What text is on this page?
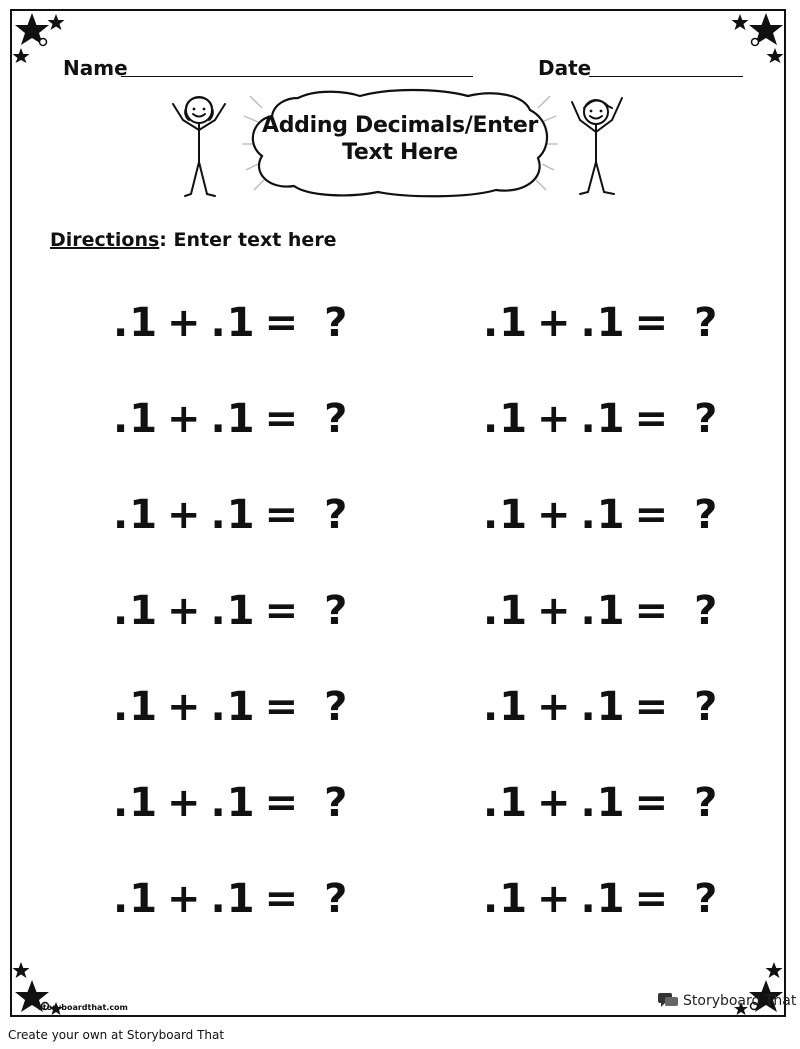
Name	Date
Adding Decimals/Enter
Text Here
Directions: Enter text here
.1 + .1 = ?
.1 + .1 = ?
.1 + .1 = ?
.1 + .1 = ?
.1 + .1 = ?
.1 + .1 = ?
.1 + .1 = ?
.1 + .1 = ?
.1 + .1 = ?
.1 + .1 = ?
.1 + .1 = ?
.1 + .1 = ?
.1 + .1 = ?
.1 + .1 = ?
storyboardthat.com	Storyboard That
Create your own at Storyboard That
